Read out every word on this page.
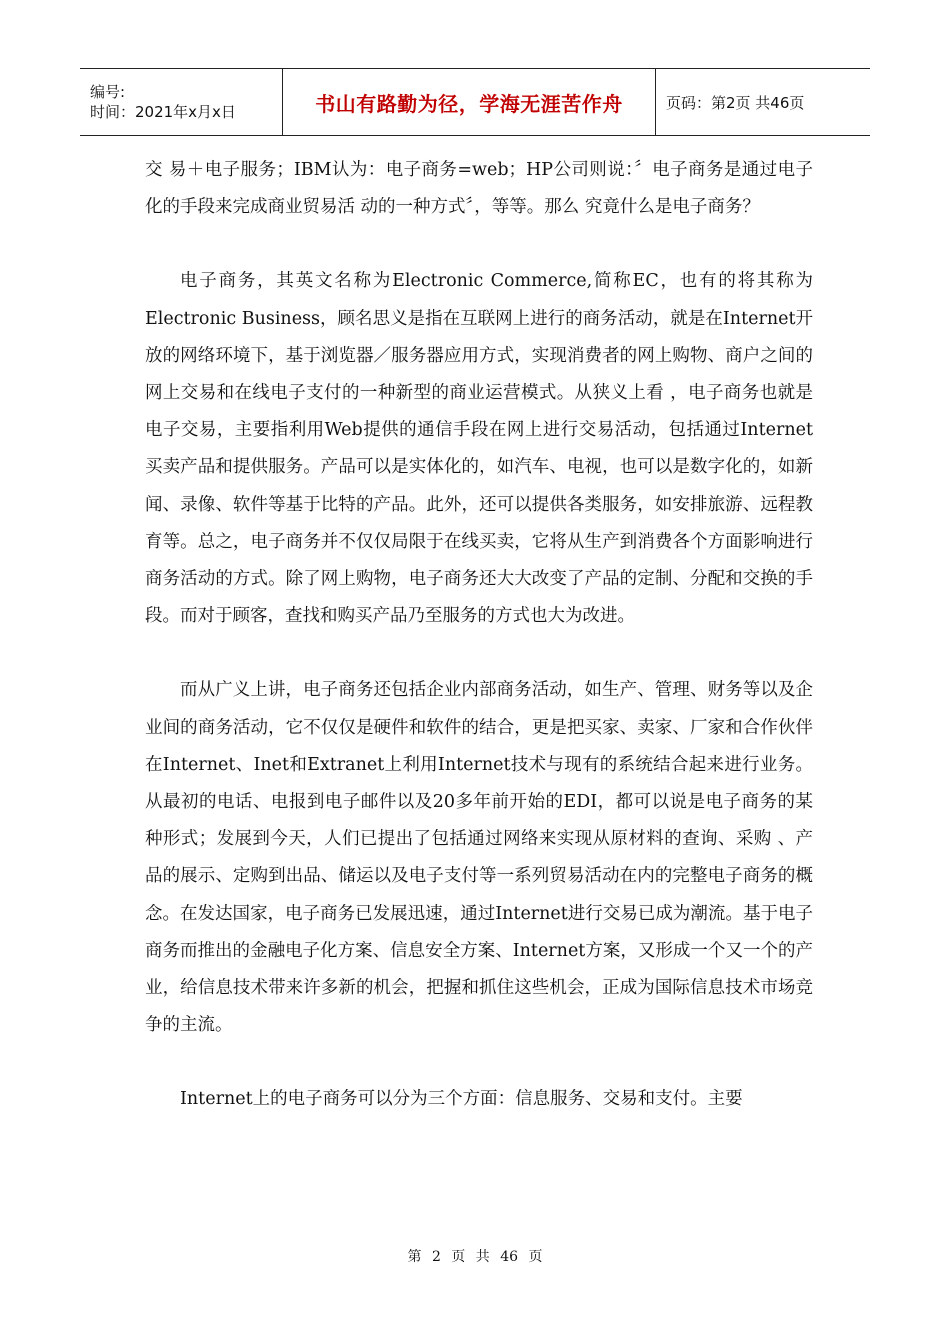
编号:
时间：2021年x月x日	书山有路勤为径，学海无涯苦作舟	页码：第2页 共46页

交 易＋电子服务；IBM认为：电子商务=web；HP公司则说：〞电子商务是通过电子化的手段来完成商业贸易活 动的一种方式〞，等等。那么 究竟什么是电子商务？

电子商务，其英文名称为Electronic Commerce,简称EC，也有的将其称为Electronic Business，顾名思义是指在互联网上进行的商务活动，就是在Internet开放的网络环境下，基于浏览器／服务器应用方式，实现消费者的网上购物、商户之间的网上交易和在线电子支付的一种新型的商业运营模式。从狭义上看 ，电子商务也就是电子交易，主要指利用Web提供的通信手段在网上进行交易活动，包括通过Internet买卖产品和提供服务。产品可以是实体化的，如汽车、电视，也可以是数字化的，如新闻、录像、软件等基于比特的产品。此外，还可以提供各类服务，如安排旅游、远程教育等。总之，电子商务并不仅仅局限于在线买卖，它将从生产到消费各个方面影响进行商务活动的方式。除了网上购物，电子商务还大大改变了产品的定制、分配和交换的手段。而对于顾客，查找和购买产品乃至服务的方式也大为改进。

而从广义上讲，电子商务还包括企业内部商务活动，如生产、管理、财务等以及企业间的商务活动，它不仅仅是硬件和软件的结合，更是把买家、卖家、厂家和合作伙伴在Internet、Inet和Extranet上利用Internet技术与现有的系统结合起来进行业务。从最初的电话、电报到电子邮件以及20多年前开始的EDI，都可以说是电子商务的某种形式；发展到今天，人们已提出了包括通过网络来实现从原材料的查询、采购 、产品的展示、定购到出品、储运以及电子支付等一系列贸易活动在内的完整电子商务的概念。在发达国家，电子商务已发展迅速，通过Internet进行交易已成为潮流。基于电子商务而推出的金融电子化方案、信息安全方案、Internet方案，又形成一个又一个的产业，给信息技术带来许多新的机会，把握和抓住这些机会，正成为国际信息技术市场竞争的主流。

Internet上的电子商务可以分为三个方面：信息服务、交易和支付。主要

第 2 页 共 46 页
